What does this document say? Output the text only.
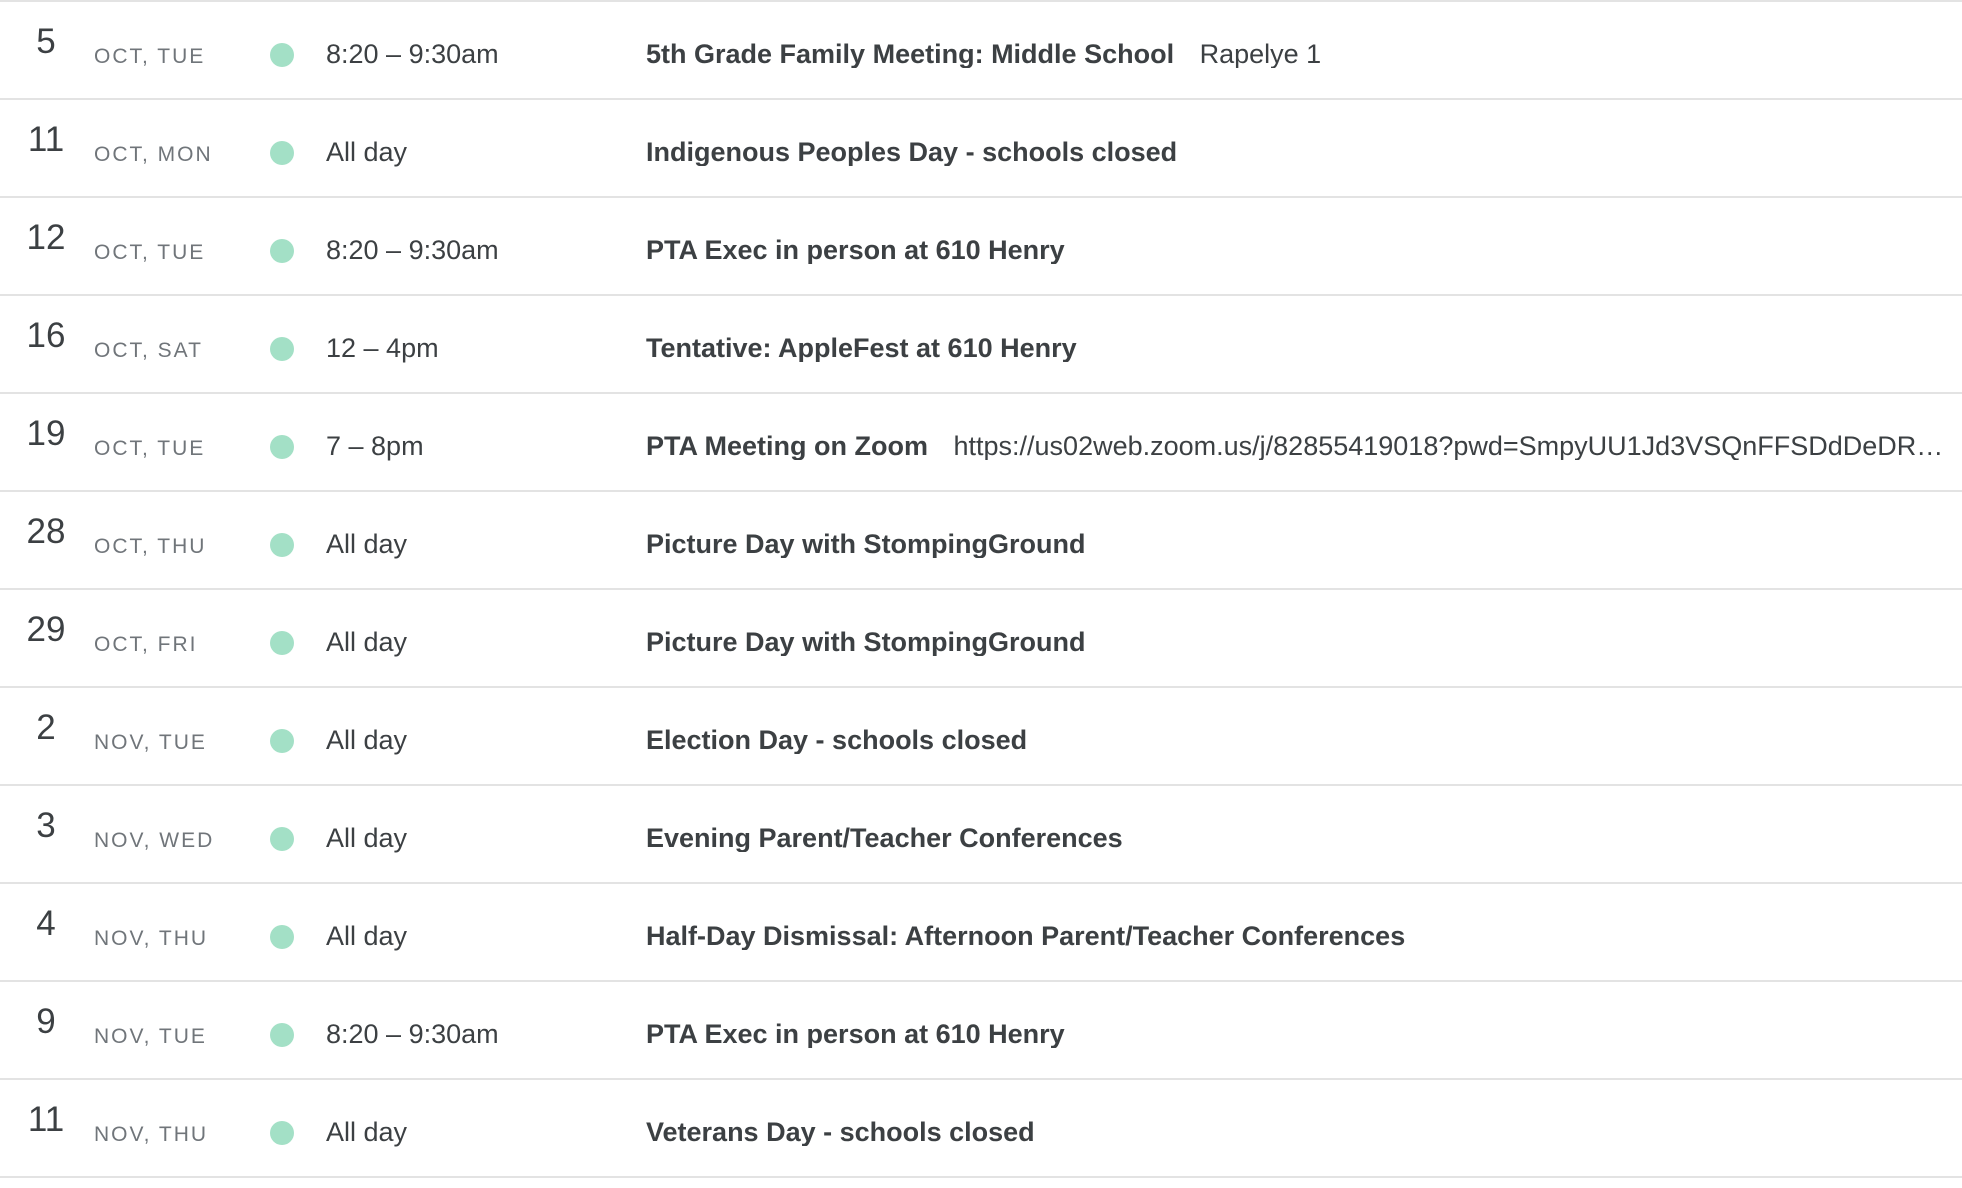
5	OCT, TUE	8:20 – 9:30am	5th Grade Family Meeting: Middle School Rapelye 1
11	OCT, MON	All day	Indigenous Peoples Day - schools closed
12	OCT, TUE	8:20 – 9:30am	PTA Exec in person at 610 Henry
16	OCT, SAT	12 – 4pm	Tentative: AppleFest at 610 Henry
19	OCT, TUE	7 – 8pm	PTA Meeting on Zoom https://us02web.zoom.us/j/82855419018?pwd=SmpyUU1Jd3VSQnFFSDdDeDR…
28	OCT, THU	All day	Picture Day with StompingGround
29	OCT, FRI	All day	Picture Day with StompingGround
2	NOV, TUE	All day	Election Day - schools closed
3	NOV, WED	All day	Evening Parent/Teacher Conferences
4	NOV, THU	All day	Half-Day Dismissal: Afternoon Parent/Teacher Conferences
9	NOV, TUE	8:20 – 9:30am	PTA Exec in person at 610 Henry
11	NOV, THU	All day	Veterans Day - schools closed
